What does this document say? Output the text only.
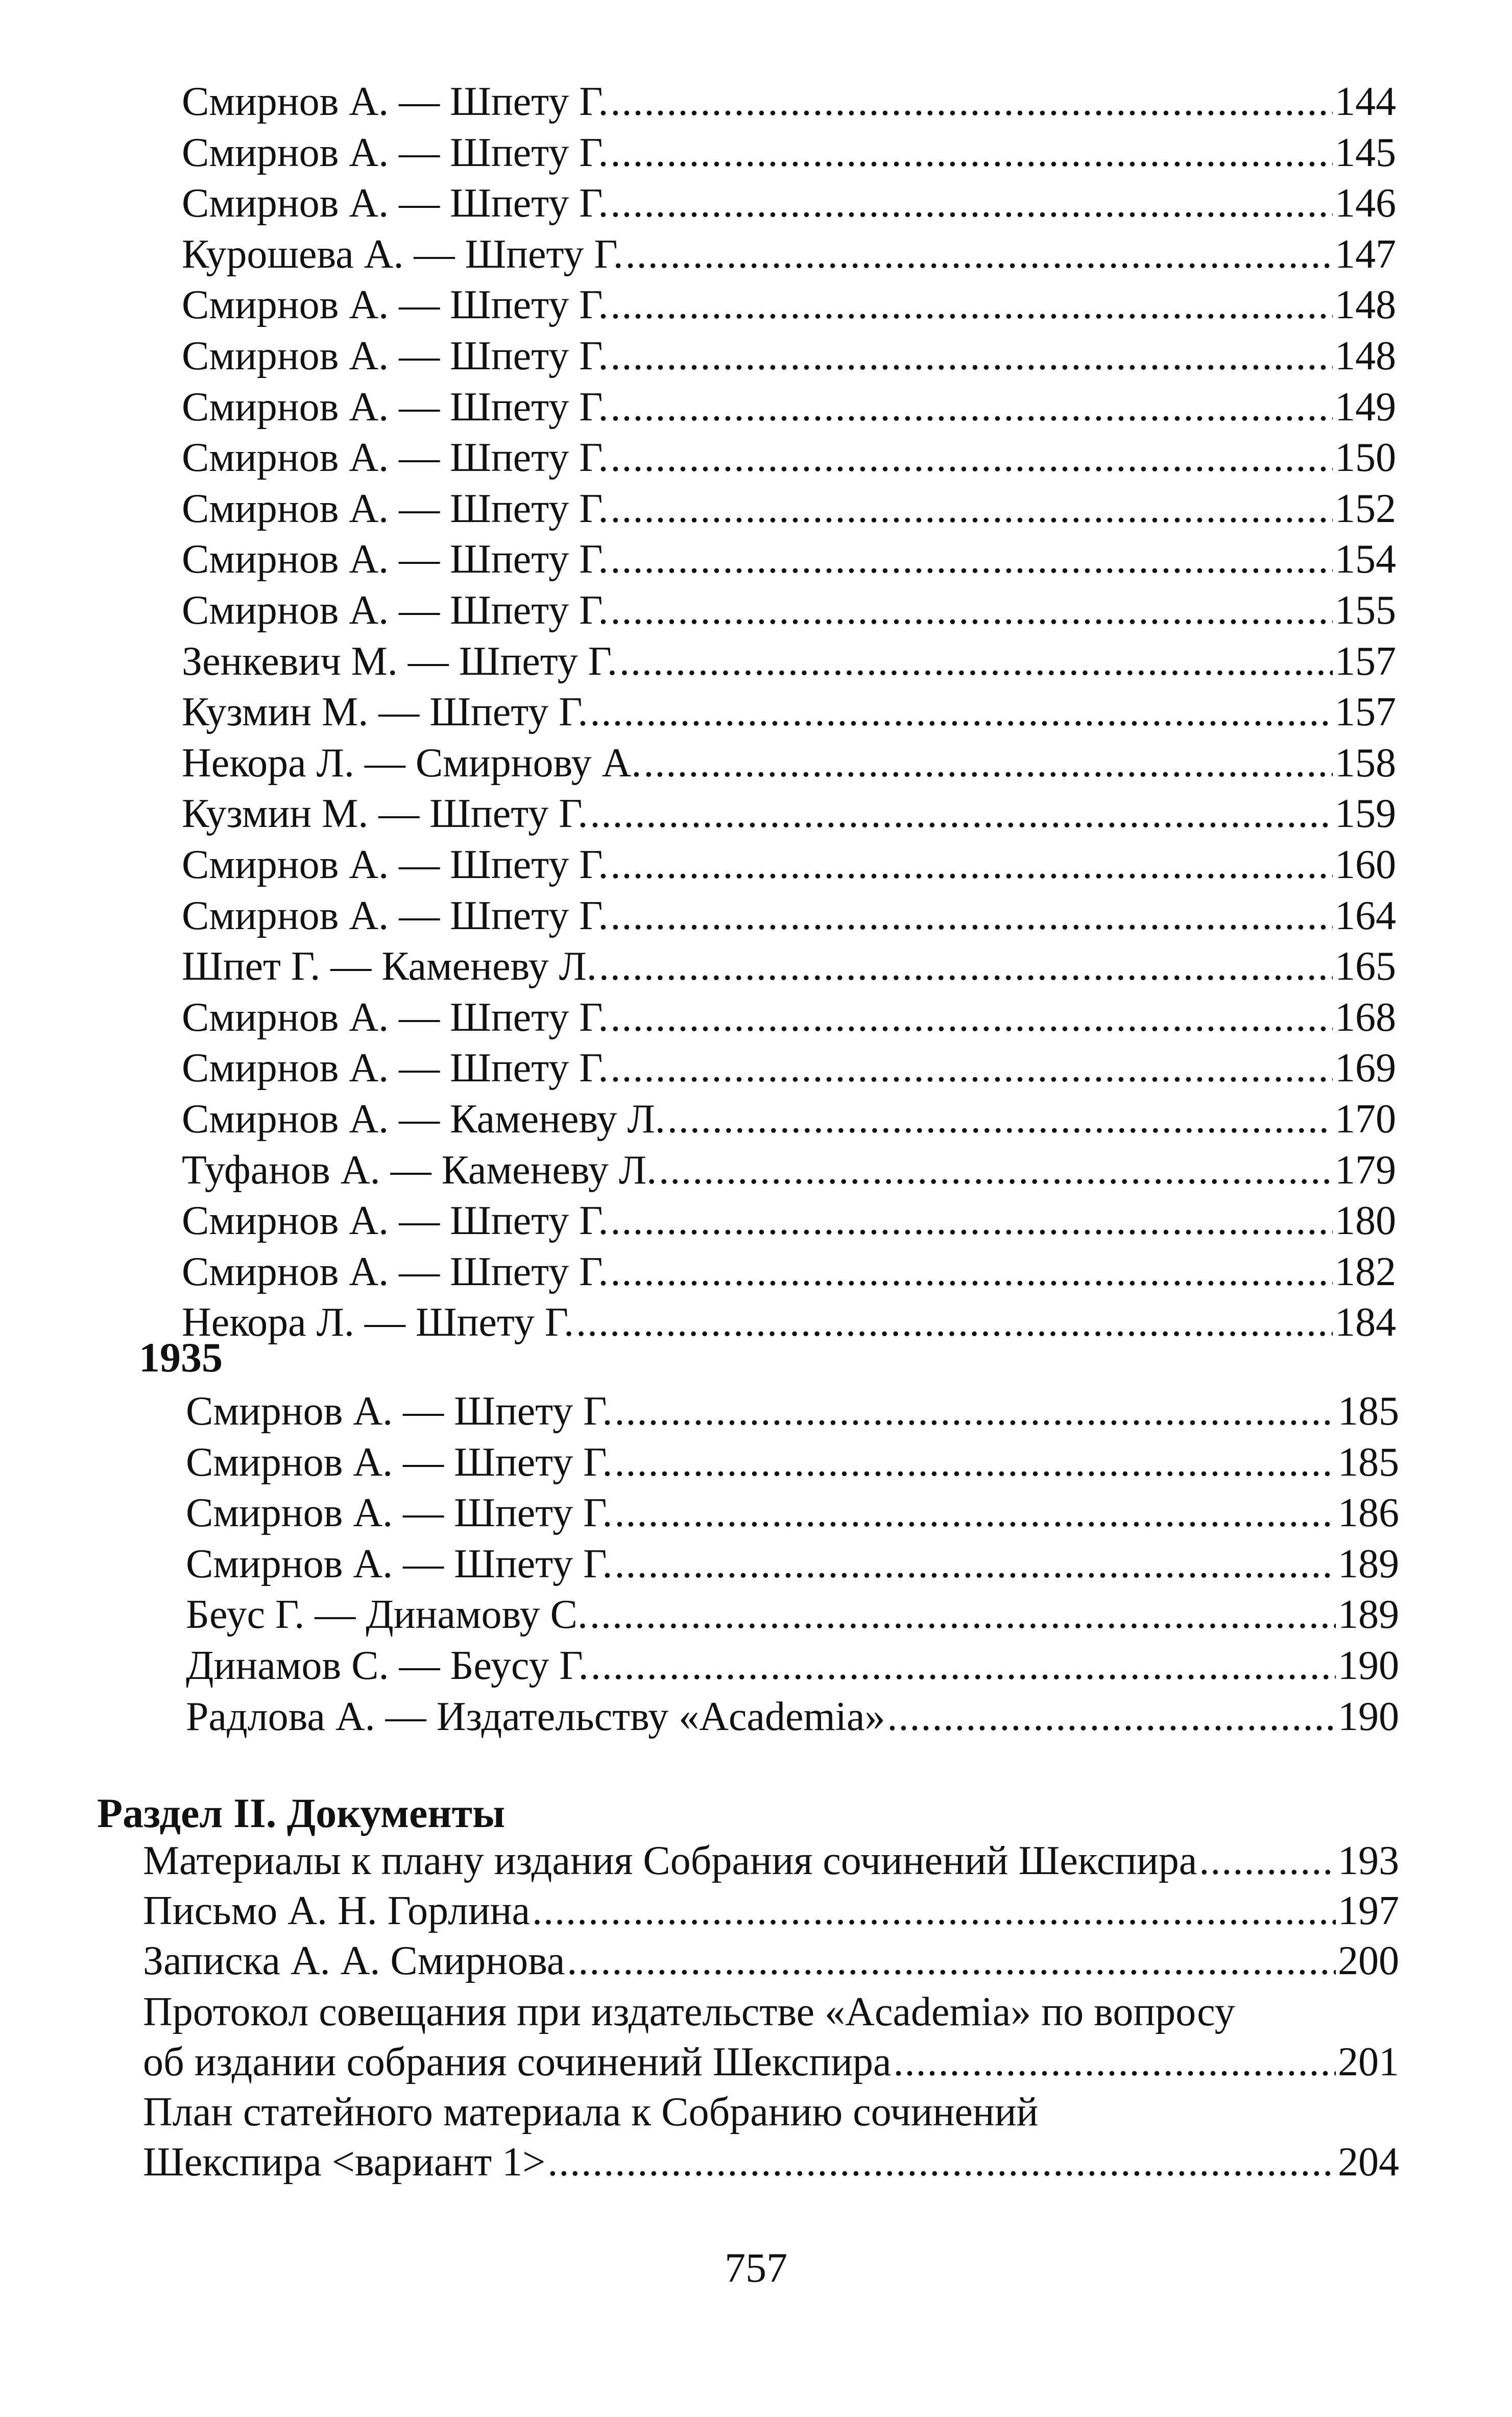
Смирнов А. — Шпету Г. .....	144
Смирнов А. — Шпету Г. .....	145
Смирнов А. — Шпету Г. .....	146
Курошева А. — Шпету Г. .....	147
Смирнов А. — Шпету Г. .....	148
Смирнов А. — Шпету Г. .....	148
Смирнов А. — Шпету Г. .....	149
Смирнов А. — Шпету Г. .....	150
Смирнов А. — Шпету Г. .....	152
Смирнов А. — Шпету Г. .....	154
Смирнов А. — Шпету Г. .....	155
Зенкевич М. — Шпету Г. .....	157
Кузмин М. — Шпету Г. .....	157
Некора Л. — Смирнову А. .....	158
Кузмин М. — Шпету Г. .....	159
Смирнов А. — Шпету Г. .....	160
Смирнов А. — Шпету Г. .....	164
Шпет Г. — Каменеву Л. .....	165
Смирнов А. — Шпету Г. .....	168
Смирнов А. — Шпету Г. .....	169
Смирнов А. — Каменеву Л. .....	170
Туфанов А. — Каменеву Л. .....	179
Смирнов А. — Шпету Г. .....	180
Смирнов А. — Шпету Г. .....	182
Некора Л. — Шпету Г. .....	184
1935
Смирнов А. — Шпету Г. .....	185
Смирнов А. — Шпету Г. .....	185
Смирнов А. — Шпету Г. .....	186
Смирнов А. — Шпету Г. .....	189
Беус Г. — Динамову С. .....	189
Динамов С. — Беусу Г. .....	190
Радлова А. — Издательству «Academia» .....	190
Раздел II. Документы
Материалы к плану издания Собрания сочинений Шекспира .....	193
Письмо А. Н. Горлина .....	197
Записка А. А. Смирнова .....	200
Протокол совещания при издательстве «Academia» по вопросу
об издании собрания сочинений Шекспира .....	201
План статейного материала к Собранию сочинений
Шекспира <вариант 1> .....	204
757
